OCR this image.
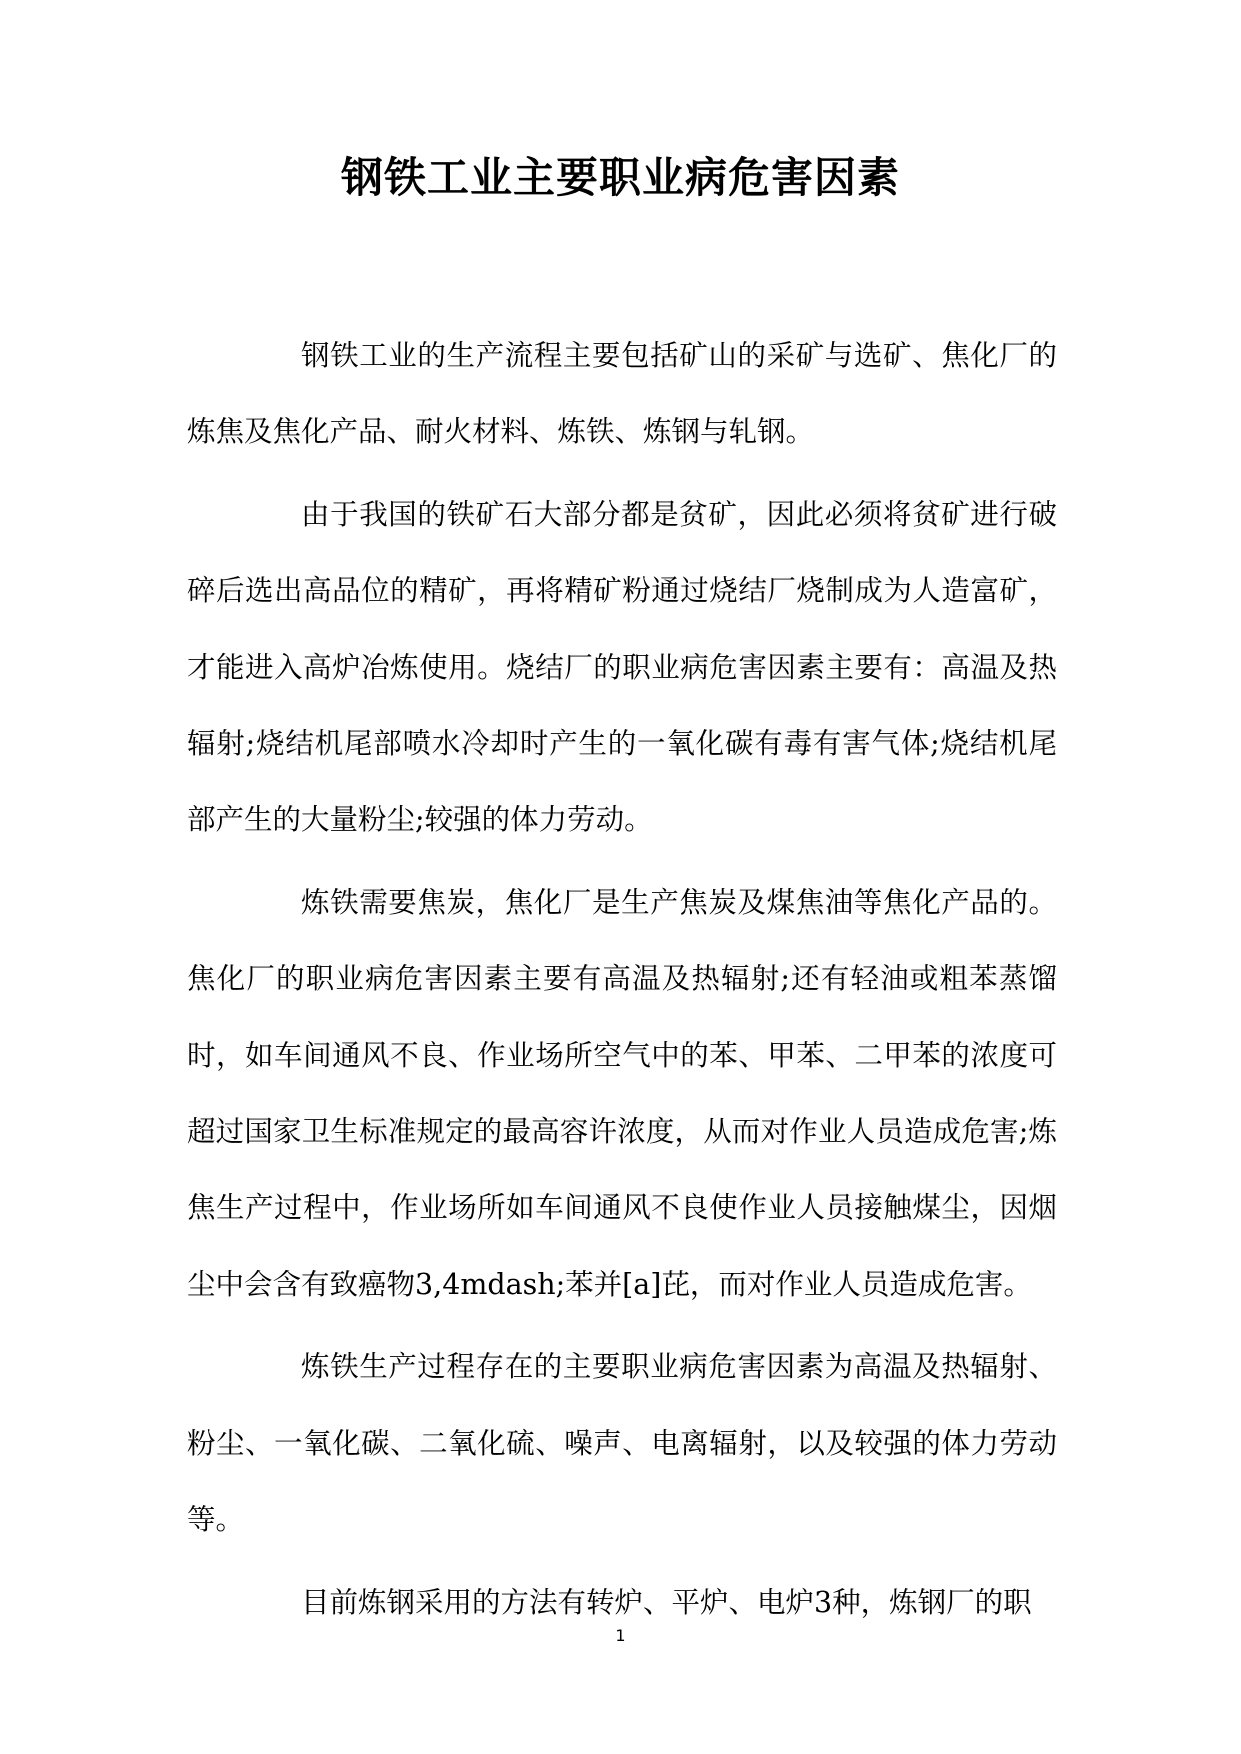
钢铁工业主要职业病危害因素

钢铁工业的生产流程主要包括矿山的采矿与选矿、焦化厂的炼焦及焦化产品、耐火材料、炼铁、炼钢与轧钢。

由于我国的铁矿石大部分都是贫矿，因此必须将贫矿进行破碎后选出高品位的精矿，再将精矿粉通过烧结厂烧制成为人造富矿，才能进入高炉冶炼使用。烧结厂的职业病危害因素主要有：高温及热辐射;烧结机尾部喷水冷却时产生的一氧化碳有毒有害气体;烧结机尾部产生的大量粉尘;较强的体力劳动。

炼铁需要焦炭，焦化厂是生产焦炭及煤焦油等焦化产品的。焦化厂的职业病危害因素主要有高温及热辐射;还有轻油或粗苯蒸馏时，如车间通风不良、作业场所空气中的苯、甲苯、二甲苯的浓度可超过国家卫生标准规定的最高容许浓度，从而对作业人员造成危害;炼焦生产过程中，作业场所如车间通风不良使作业人员接触煤尘，因烟尘中会含有致癌物3,4mdash;苯并[a]芘，而对作业人员造成危害。

炼铁生产过程存在的主要职业病危害因素为高温及热辐射、粉尘、一氧化碳、二氧化硫、噪声、电离辐射，以及较强的体力劳动等。

目前炼钢采用的方法有转炉、平炉、电炉3种，炼钢厂的职

1
